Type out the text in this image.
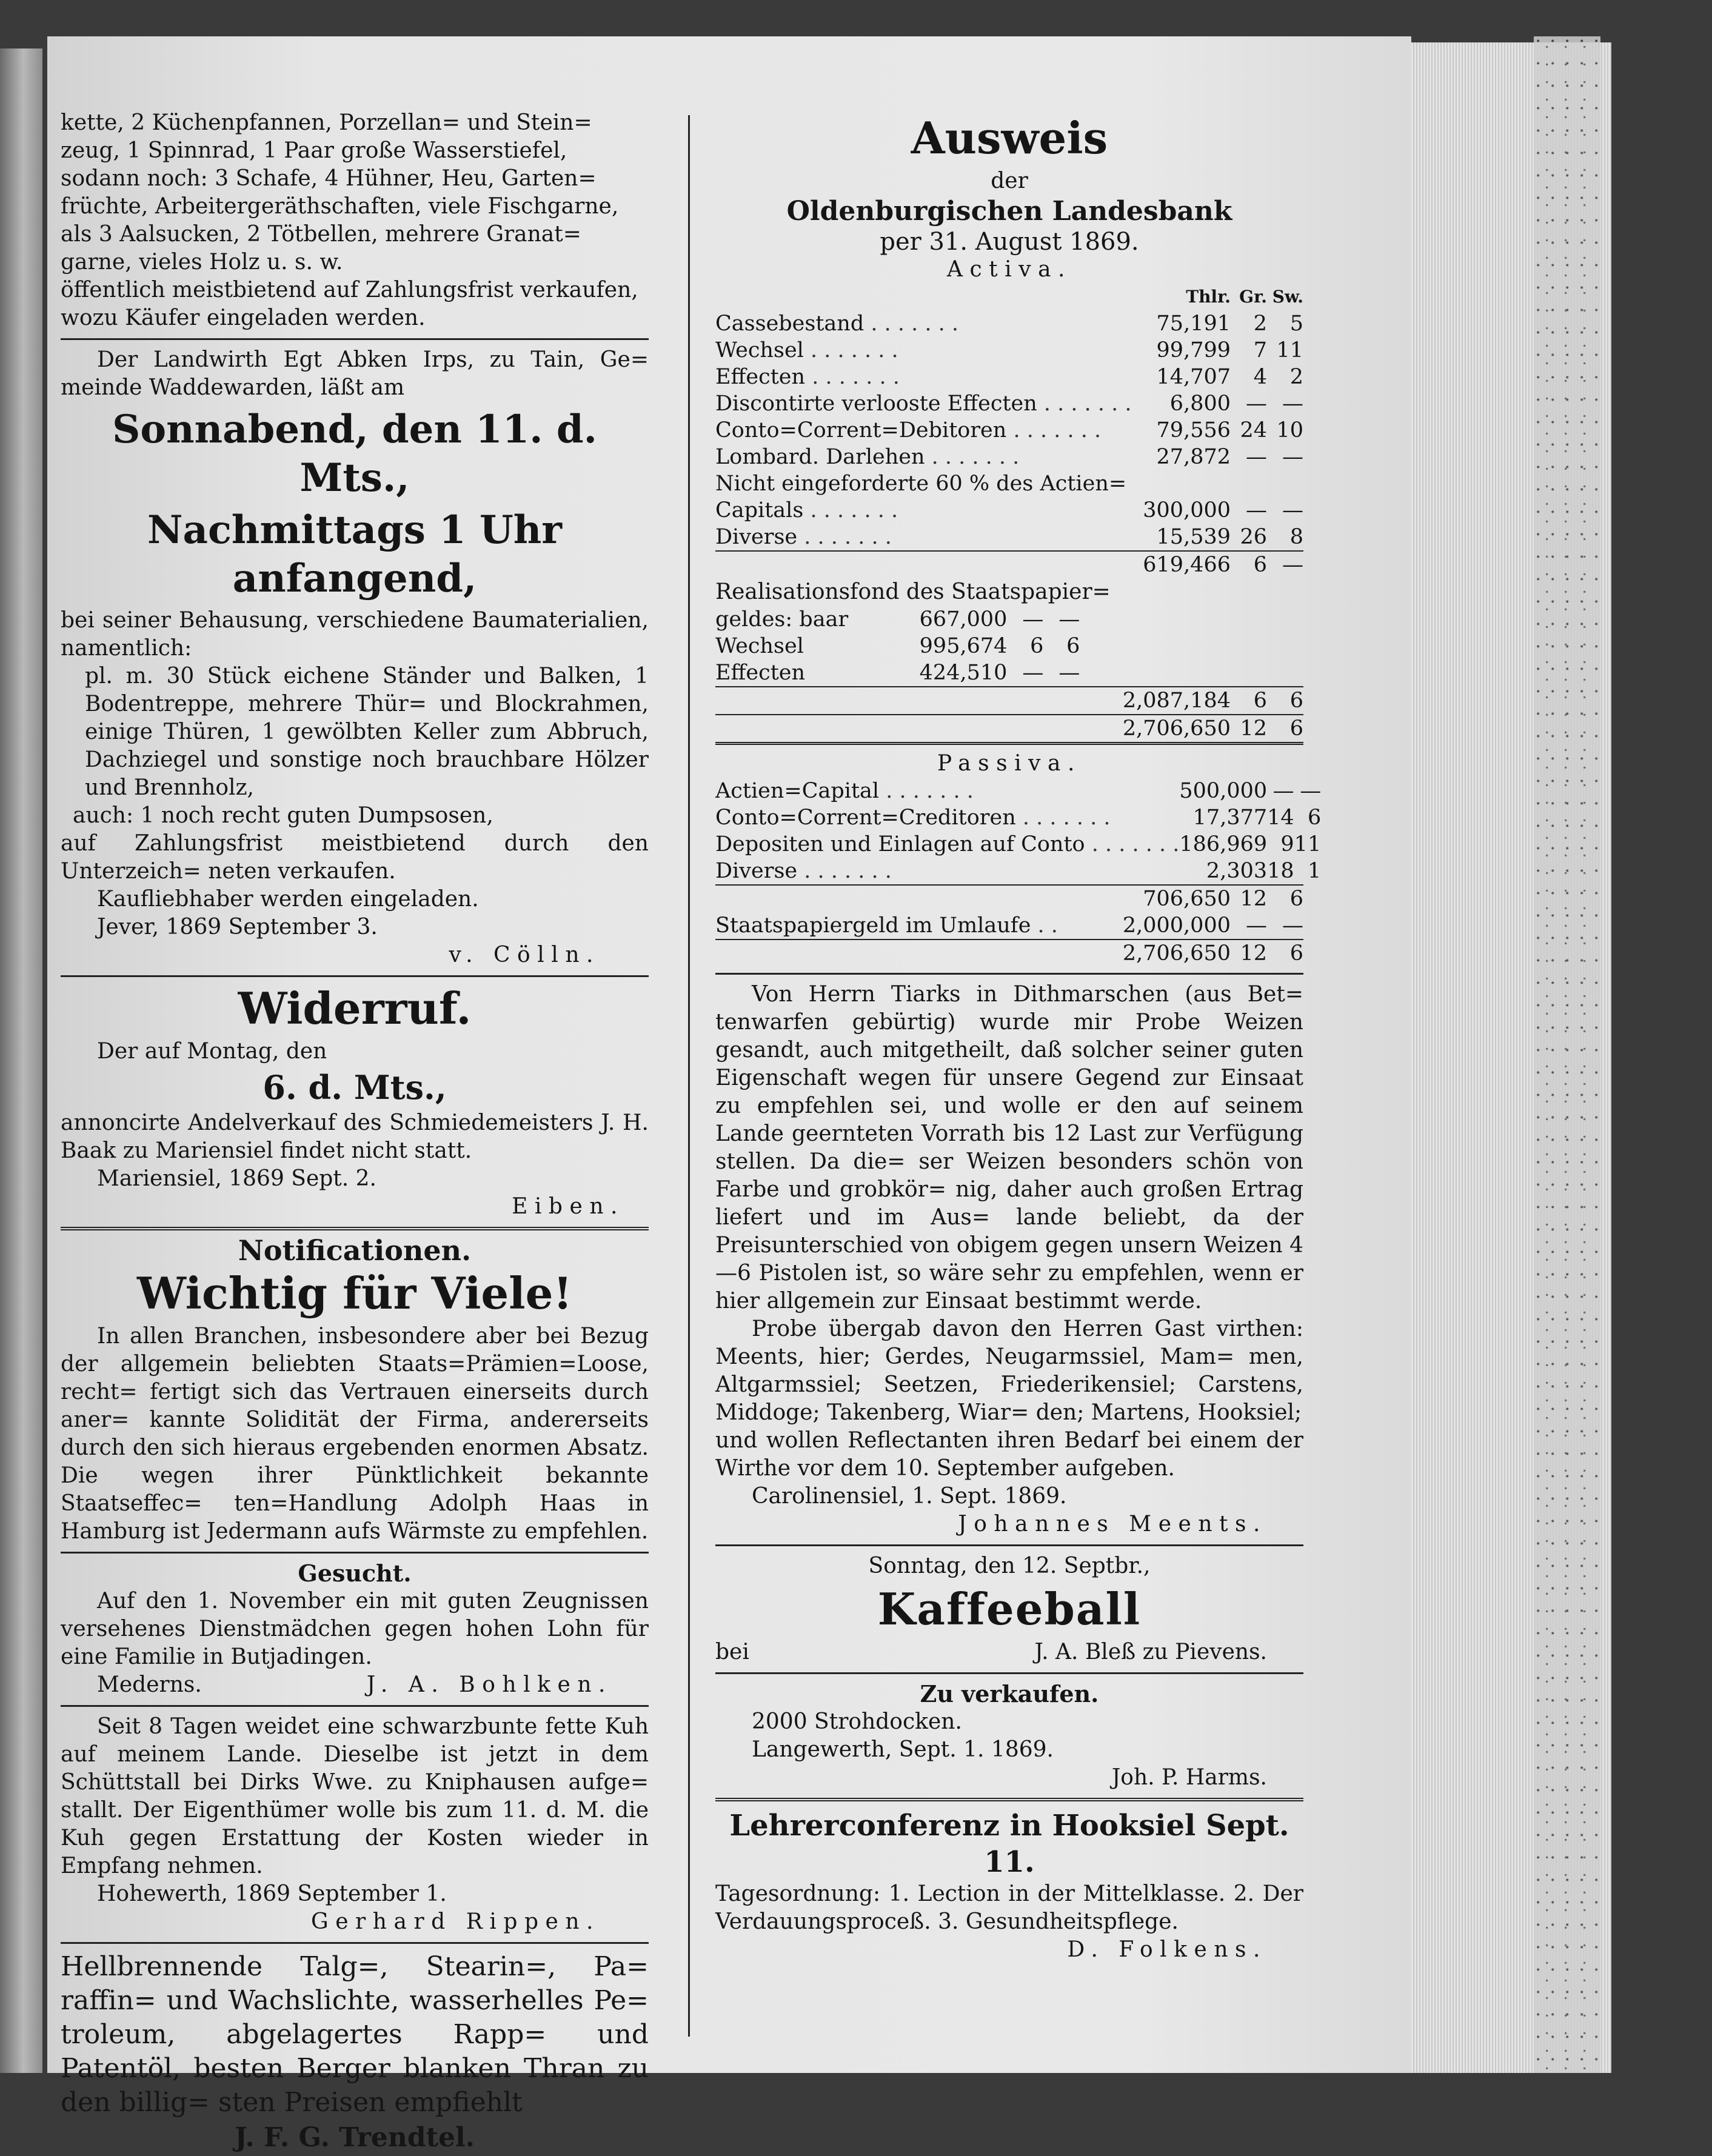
kette, 2 Küchenpfannen, Porzellan= und Stein=
zeug, 1 Spinnrad, 1 Paar große Wasserstiefel,
sodann noch: 3 Schafe, 4 Hühner, Heu, Garten=
früchte, Arbeitergeräthschaften, viele Fischgarne,
als 3 Aalsucken, 2 Tötbellen, mehrere Granat=
garne, vieles Holz u. s. w.
öffentlich meistbietend auf Zahlungsfrist verkaufen,
wozu Käufer eingeladen werden.

Der Landwirth Egt Abken Irps, zu Tain, Ge= meinde Waddewarden, läßt am

Sonnabend, den 11. d. Mts.,
Nachmittags 1 Uhr anfangend,

bei seiner Behausung, verschiedene Baumaterialien, namentlich:

pl. m. 30 Stück eichene Ständer und Balken, 1 Bodentreppe, mehrere Thür= und Blockrahmen, einige Thüren, 1 gewölbten Keller zum Abbruch, Dachziegel und sonstige noch brauchbare Hölzer und Brennholz,

auch: 1 noch recht guten Dumpsosen,

auf Zahlungsfrist meistbietend durch den Unterzeich= neten verkaufen.

Kaufliebhaber werden eingeladen.

Jever, 1869 September 3.

v. Cölln.

Widerruf.

Der auf Montag, den

6. d. Mts.,

annoncirte Andelverkauf des Schmiedemeisters J. H. Baak zu Mariensiel findet nicht statt.

Mariensiel, 1869 Sept. 2.

Eiben.

Notificationen.
Wichtig für Viele!

In allen Branchen, insbesondere aber bei Bezug der allgemein beliebten Staats=Prämien=Loose, recht= fertigt sich das Vertrauen einerseits durch aner= kannte Solidität der Firma, andererseits durch den sich hieraus ergebenden enormen Absatz. Die wegen ihrer Pünktlichkeit bekannte Staatseffec= ten=Handlung Adolph Haas in Hamburg ist Jedermann aufs Wärmste zu empfehlen.

Gesucht.

Auf den 1. November ein mit guten Zeugnissen versehenes Dienstmädchen gegen hohen Lohn für eine Familie in Butjadingen.

Mederns.	J. A. Bohlken.

Seit 8 Tagen weidet eine schwarzbunte fette Kuh auf meinem Lande. Dieselbe ist jetzt in dem Schüttstall bei Dirks Wwe. zu Kniphausen aufge= stallt. Der Eigenthümer wolle bis zum 11. d. M. die Kuh gegen Erstattung der Kosten wieder in Empfang nehmen.

Hohewerth, 1869 September 1.

Gerhard Rippen.

Hellbrennende Talg=, Stearin=, Pa= raffin= und Wachslichte, wasserhelles Pe= troleum, abgelagertes Rapp= und Patentöl, besten Berger blanken Thran zu den billig= sten Preisen empfiehlt

J. F. G. Trendtel.

Ausweis
der
Oldenburgischen Landesbank
per 31. August 1869.
Activa.
	Thlr.	Gr.	Sw.
Cassebestand . . . . . . .	75,191	2	5
Wechsel . . . . . . .	99,799	7	11
Effecten . . . . . . .	14,707	4	2
Discontirte verlooste Effecten . . . . . . .	6,800	—	—
Conto=Corrent=Debitoren . . . . . . .	79,556	24	10
Lombard. Darlehen . . . . . . .	27,872	—	—
Nicht eingeforderte 60 % des Actien=			
Capitals . . . . . . .	300,000	—	—
Diverse . . . . . . .	15,539	26	8
	619,466	6	—
Realisationsfond des Staatspapier=
geldes: baar	667,000	—	—
Wechsel	995,674	6	6
Effecten	424,510	—	—
	2,087,184	6	6
	2,706,650	12	6
Passiva.
Actien=Capital . . . . . . .	500,000	—	—
Conto=Corrent=Creditoren . . . . . . .	17,377	14	6
Depositen und Einlagen auf Conto . . . . . . .	186,969	9	11
Diverse . . . . . . .	2,303	18	1
	706,650	12	6
Staatspapiergeld im Umlaufe . .	2,000,000	—	—
	2,706,650	12	6

Von Herrn Tiarks in Dithmarschen (aus Bet= tenwarfen gebürtig) wurde mir Probe Weizen gesandt, auch mitgetheilt, daß solcher seiner guten Eigenschaft wegen für unsere Gegend zur Einsaat zu empfehlen sei, und wolle er den auf seinem Lande geernteten Vorrath bis 12 Last zur Verfügung stellen. Da die= ser Weizen besonders schön von Farbe und grobkör= nig, daher auch großen Ertrag liefert und im Aus= lande beliebt, da der Preisunterschied von obigem gegen unsern Weizen 4—6 Pistolen ist, so wäre sehr zu empfehlen, wenn er hier allgemein zur Einsaat bestimmt werde.

Probe übergab davon den Herren Gast virthen: Meents, hier; Gerdes, Neugarmssiel, Mam= men, Altgarmssiel; Seetzen, Friederikensiel; Carstens, Middoge; Takenberg, Wiar= den; Martens, Hooksiel;

und wollen Reflectanten ihren Bedarf bei einem der Wirthe vor dem 10. September aufgeben.

Carolinensiel, 1. Sept. 1869.

Johannes Meents.

Sonntag, den 12. Septbr.,

Kaffeeball
bei	J. A. Bleß zu Pievens.
Zu verkaufen.

2000 Strohdocken.

Langewerth, Sept. 1. 1869.

Joh. P. Harms.

Lehrerconferenz in Hooksiel Sept. 11.

Tagesordnung: 1. Lection in der Mittelklasse. 2. Der Verdauungsproceß. 3. Gesundheitspflege.

D. Folkens.
